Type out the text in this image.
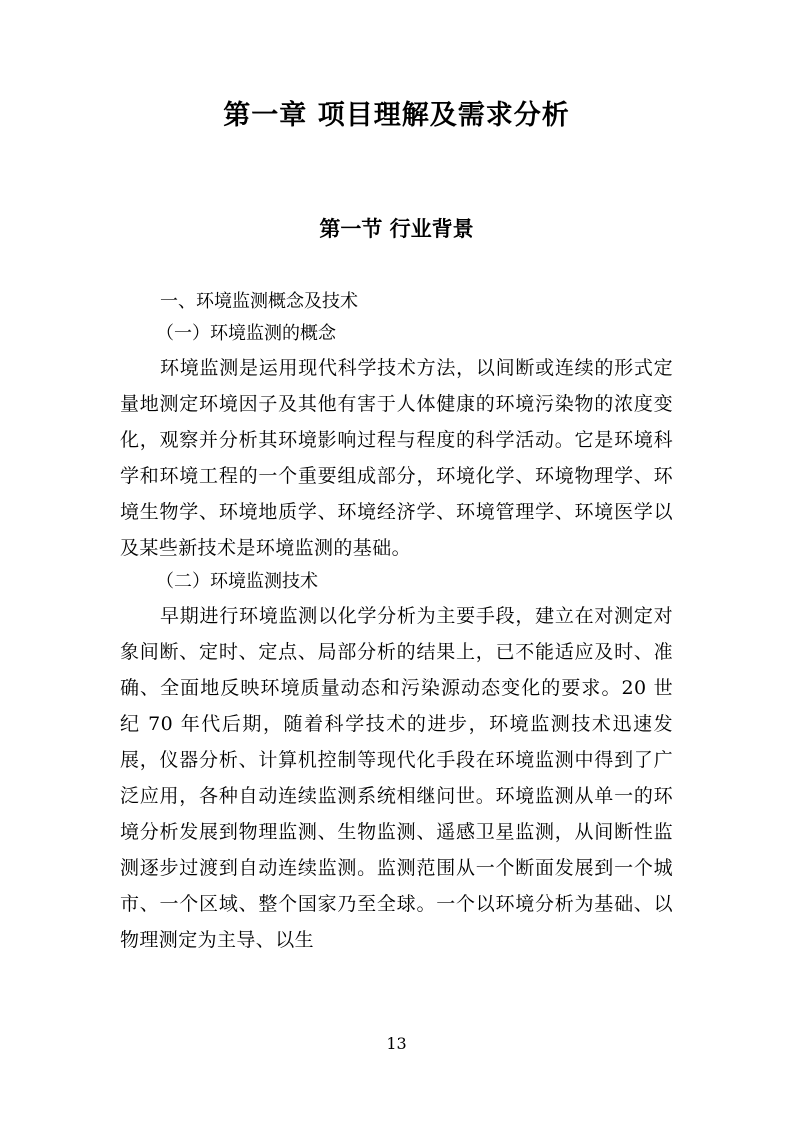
第一章 项目理解及需求分析
第一节 行业背景
一、环境监测概念及技术
（一）环境监测的概念

环境监测是运用现代科学技术方法，以间断或连续的形式定量地测定环境因子及其他有害于人体健康的环境污染物的浓度变化，观察并分析其环境影响过程与程度的科学活动。它是环境科学和环境工程的一个重要组成部分，环境化学、环境物理学、环境生物学、环境地质学、环境经济学、环境管理学、环境医学以及某些新技术是环境监测的基础。

（二）环境监测技术

早期进行环境监测以化学分析为主要手段，建立在对测定对象间断、定时、定点、局部分析的结果上，已不能适应及时、准确、全面地反映环境质量动态和污染源动态变化的要求。20 世纪 70 年代后期，随着科学技术的进步，环境监测技术迅速发展，仪器分析、计算机控制等现代化手段在环境监测中得到了广泛应用，各种自动连续监测系统相继问世。环境监测从单一的环境分析发展到物理监测、生物监测、遥感卫星监测，从间断性监测逐步过渡到自动连续监测。监测范围从一个断面发展到一个城市、一个区域、整个国家乃至全球。一个以环境分析为基础、以物理测定为主导、以生

13
